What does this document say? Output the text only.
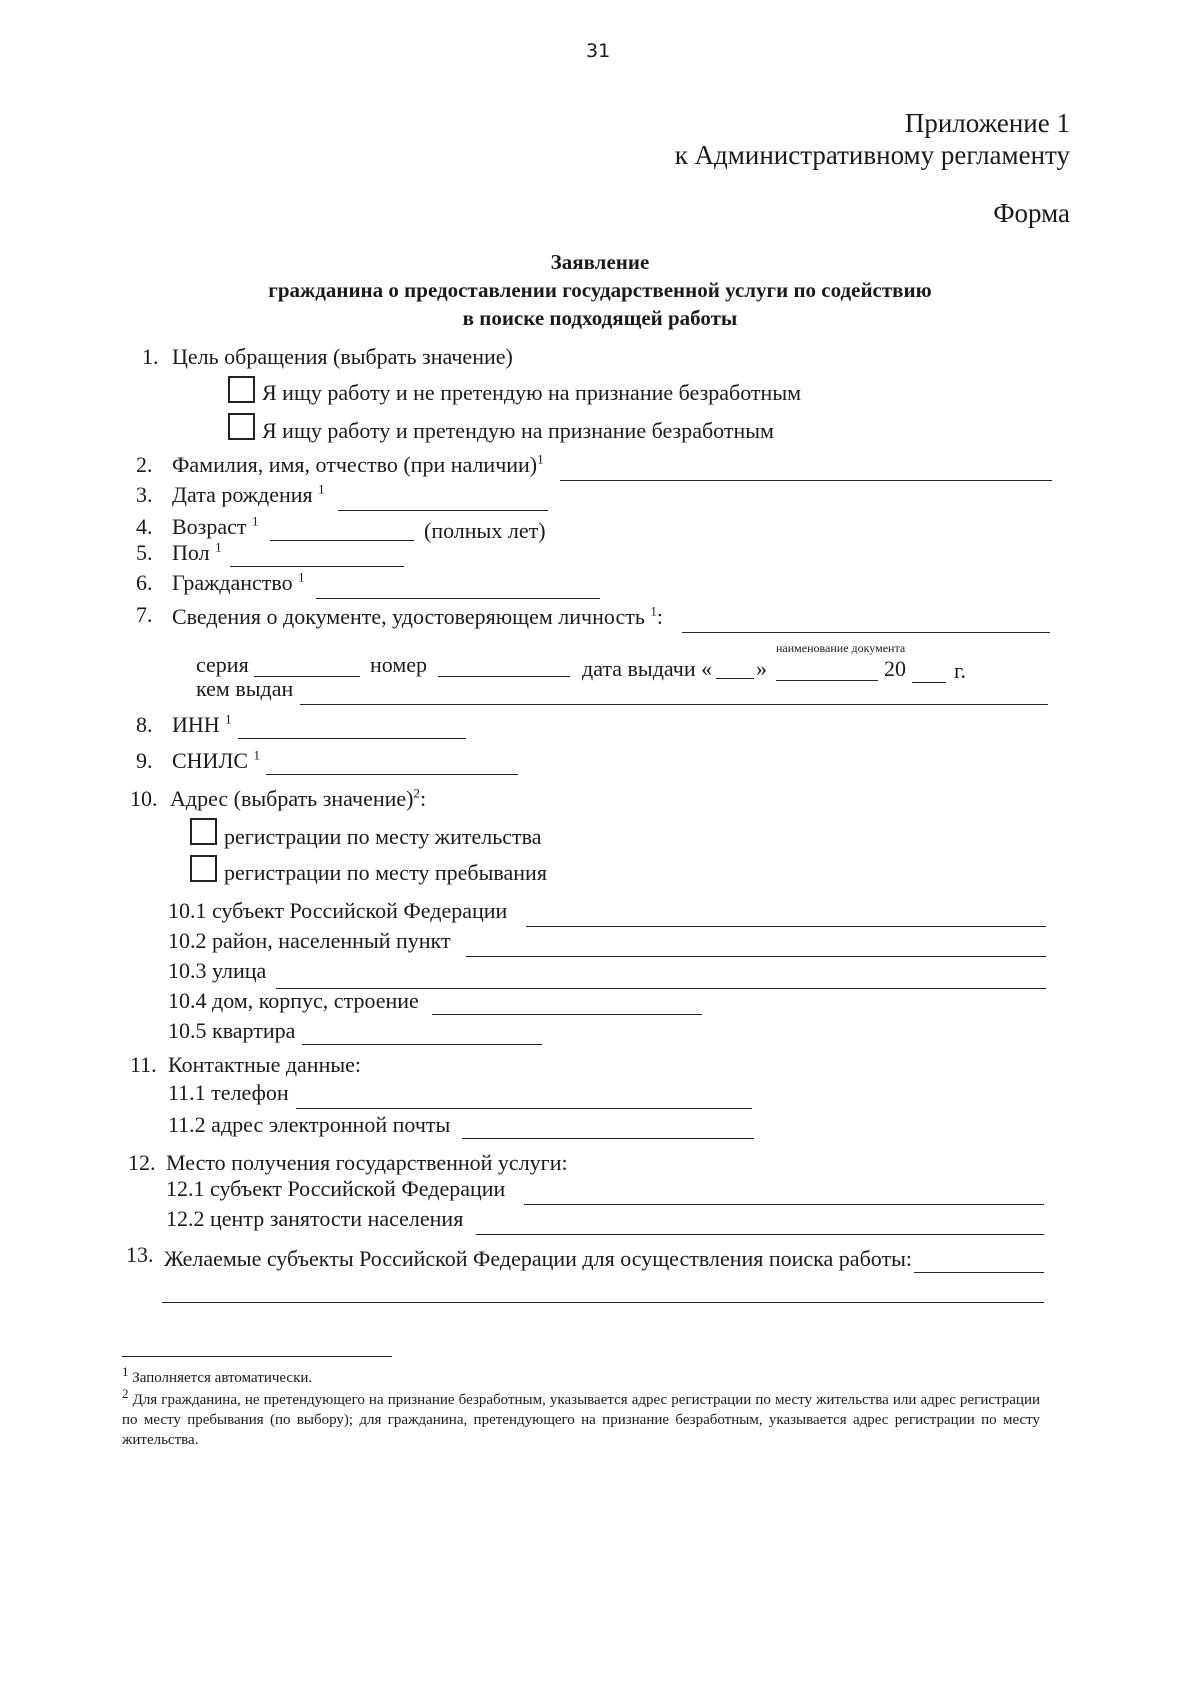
31
Приложение 1
к Административному регламенту
Форма
Заявление
гражданина о предоставлении государственной услуги по содействию
в поиске подходящей работы
1. Цель обращения (выбрать значение)
Я ищу работу и не претендую на признание безработным
Я ищу работу и претендую на признание безработным
2. Фамилия, имя, отчество (при наличии)$^1$
3. Дата рождения $^1$
4. Возраст $^1$	(полных лет)
5. Пол $^1$
6. Гражданство $^1$
7. Сведения о документе, удостоверяющем личность $^1$:
наименование документа
серия	номер	дата выдачи « »	20 г.
кем выдан
8. ИНН $^1$
9. СНИЛС $^1$
10. Адрес (выбрать значение)$^2$:
регистрации по месту жительства
регистрации по месту пребывания
10.1 субъект Российской Федерации
10.2 район, населенный пункт
10.3 улица
10.4 дом, корпус, строение
10.5 квартира
11. Контактные данные:
11.1 телефон
11.2 адрес электронной почты
12. Место получения государственной услуги:
12.1 субъект Российской Федерации
12.2 центр занятости населения
13. Желаемые субъекты Российской Федерации для осуществления поиска работы:
1 Заполняется автоматически.
2 Для гражданина, не претендующего на признание безработным, указывается адрес регистрации по месту жительства или адрес регистрации по месту пребывания (по выбору); для гражданина, претендующего на признание безработным, указывается адрес регистрации по месту жительства.
